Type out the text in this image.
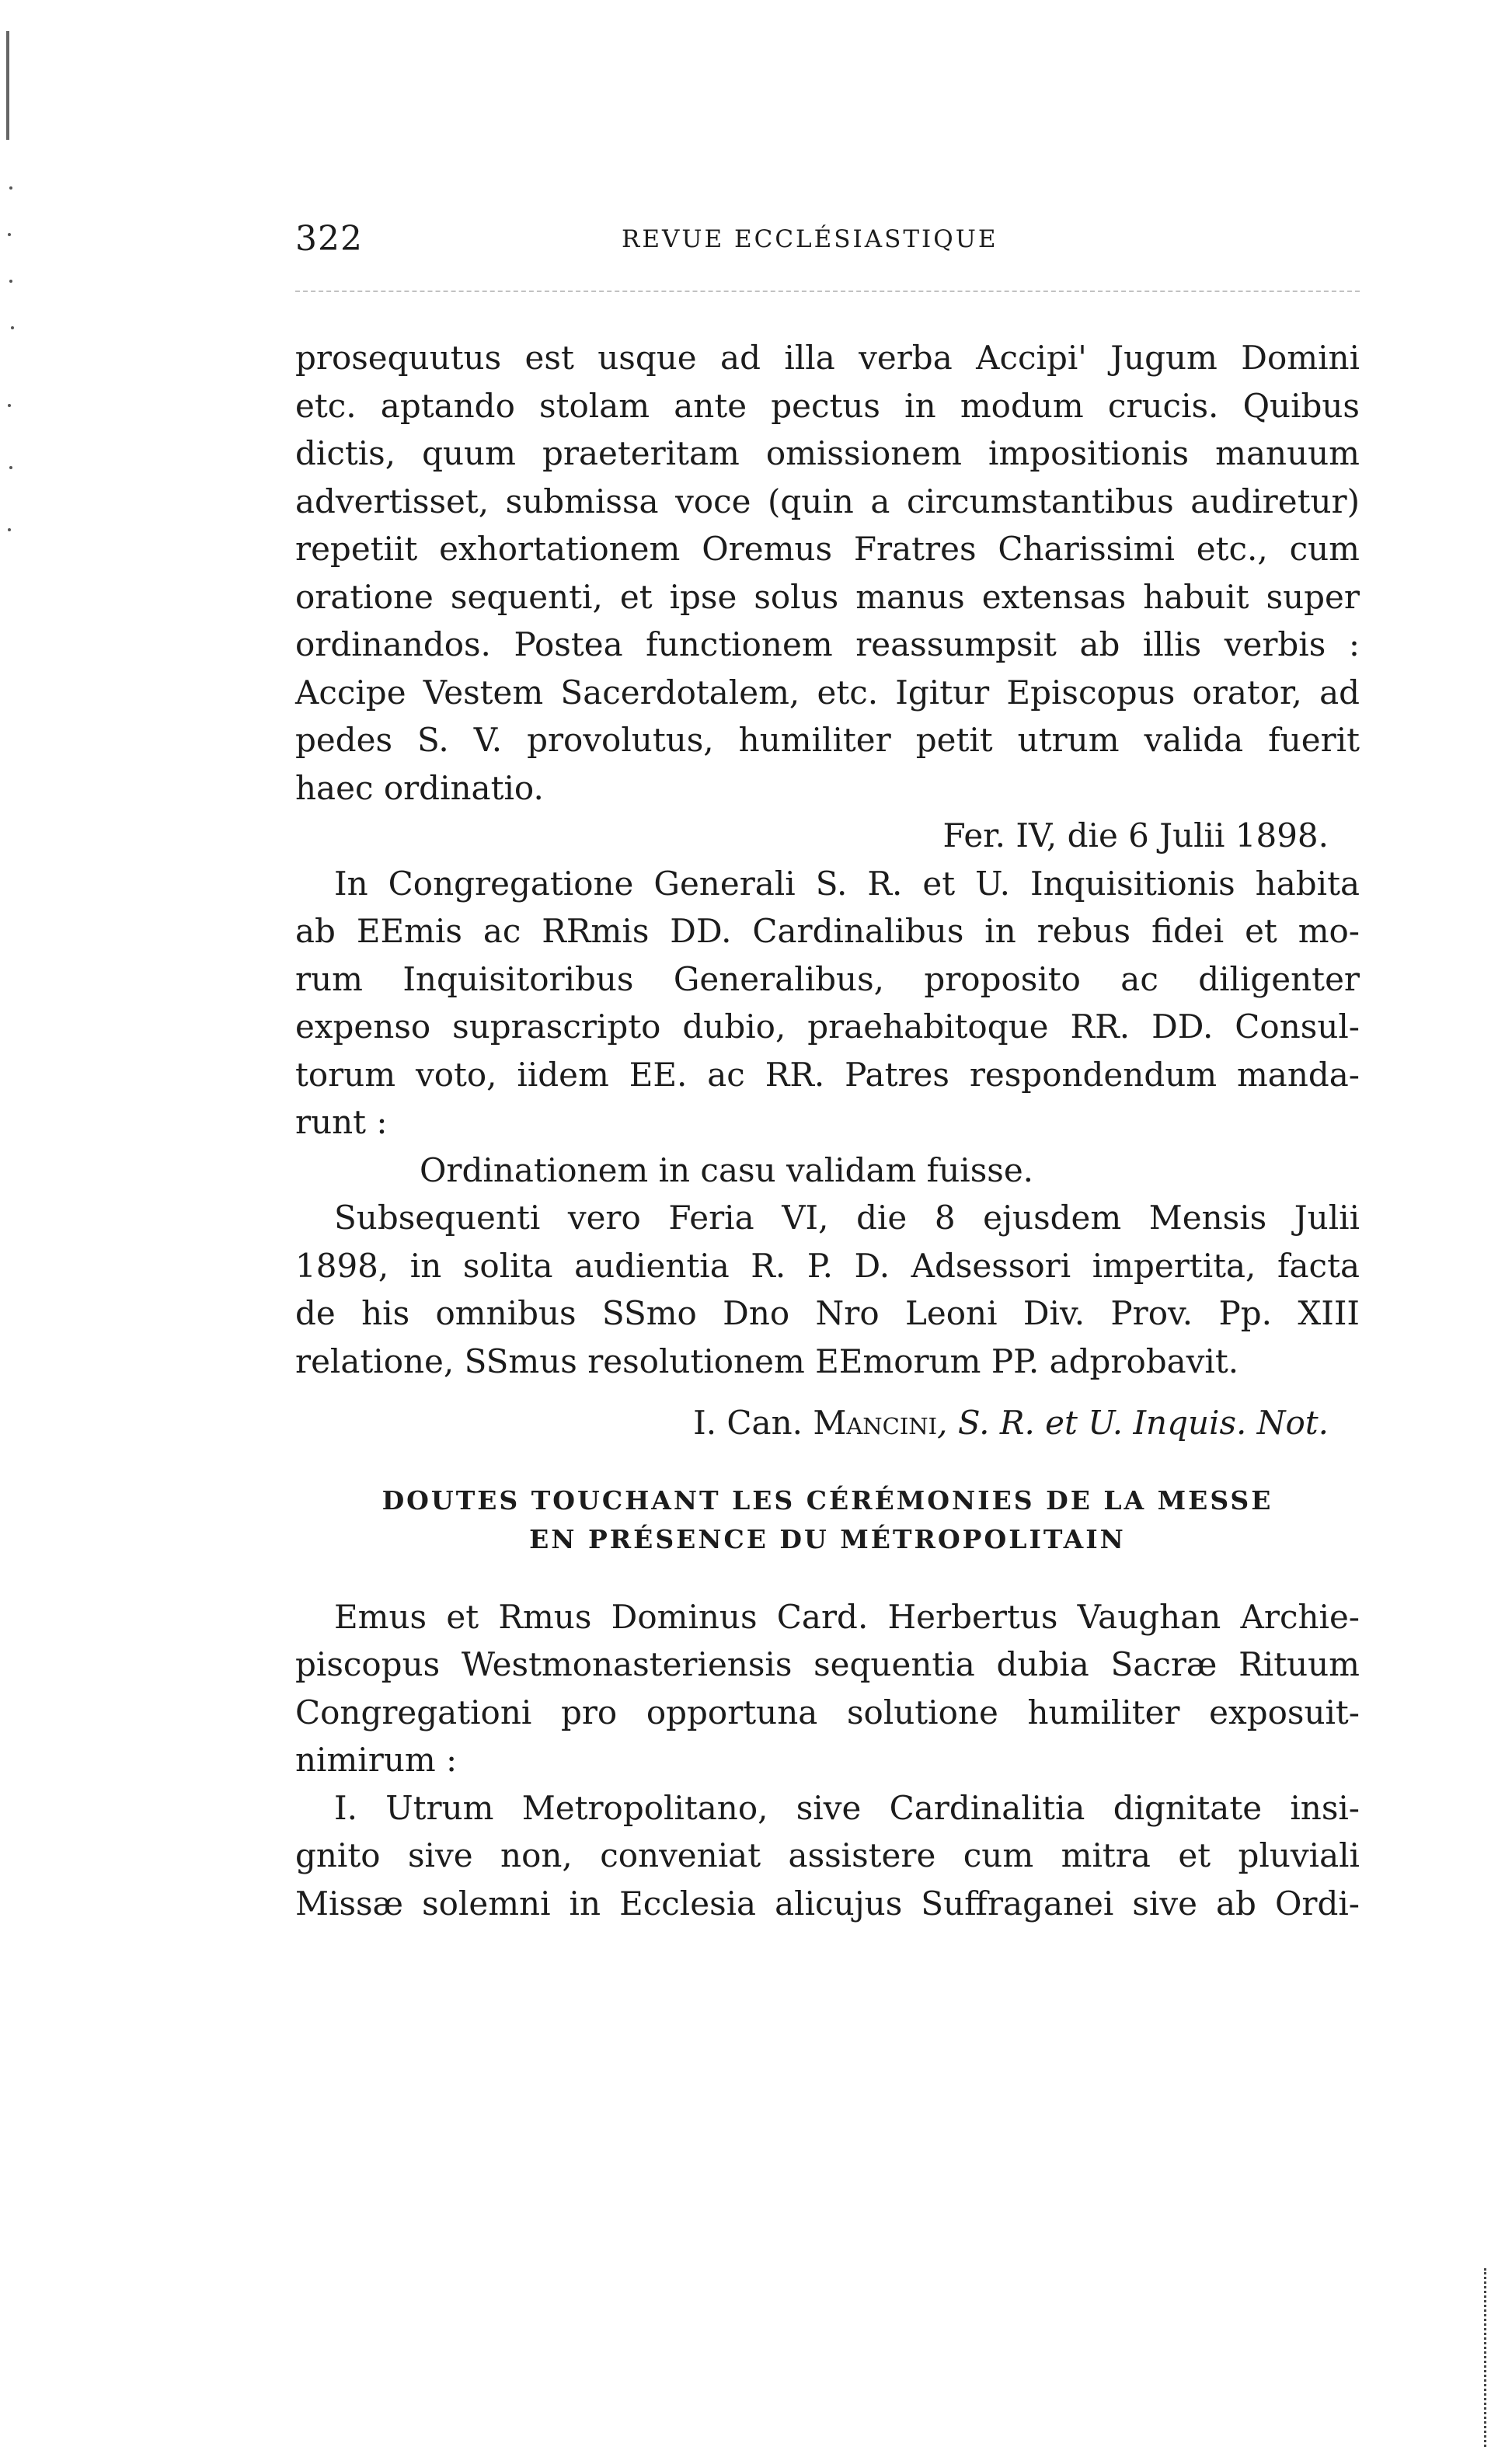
322	REVUE ECCLÉSIASTIQUE
prosequutus est usque ad illa verba Accipi' Jugum Domini
etc. aptando stolam ante pectus in modum crucis. Quibus
dictis, quum praeteritam omissionem impositionis manuum
advertisset, submissa voce (quin a circumstantibus audiretur)
repetiit exhortationem Oremus Fratres Charissimi etc., cum
oratione sequenti, et ipse solus manus extensas habuit super
ordinandos. Postea functionem reassumpsit ab illis verbis :
Accipe Vestem Sacerdotalem, etc. Igitur Episcopus orator, ad
pedes S. V. provolutus, humiliter petit utrum valida fuerit
haec ordinatio.
Fer. IV, die 6 Julii 1898.
In Congregatione Generali S. R. et U. Inquisitionis habita
ab EEmis ac RRmis DD. Cardinalibus in rebus fidei et mo-
rum Inquisitoribus Generalibus, proposito ac diligenter
expenso suprascripto dubio, praehabitoque RR. DD. Consul-
torum voto, iidem EE. ac RR. Patres respondendum manda-
runt :
Ordinationem in casu validam fuisse.
Subsequenti vero Feria VI, die 8 ejusdem Mensis Julii
1898, in solita audientia R. P. D. Adsessori impertita, facta
de his omnibus SSmo Dno Nro Leoni Div. Prov. Pp. XIII
relatione, SSmus resolutionem EEmorum PP. adprobavit.
I. Can. Mancini, S. R. et U. Inquis. Not.
DOUTES TOUCHANT LES CÉRÉMONIES DE LA MESSE
EN PRÉSENCE DU MÉTROPOLITAIN
Emus et Rmus Dominus Card. Herbertus Vaughan Archie-
piscopus Westmonasteriensis sequentia dubia Sacræ Rituum
Congregationi pro opportuna solutione humiliter exposuit-
nimirum :
I. Utrum Metropolitano, sive Cardinalitia dignitate insi-
gnito sive non, conveniat assistere cum mitra et pluviali
Missæ solemni in Ecclesia alicujus Suffraganei sive ab Ordi-
